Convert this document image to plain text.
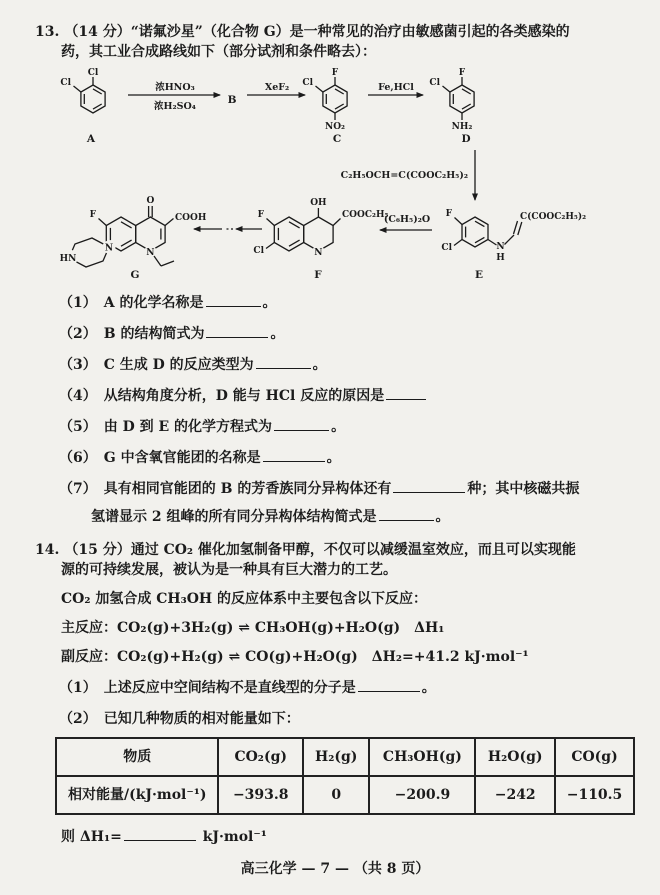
13. （14 分）“诺氟沙星”（化合物 G）是一种常见的治疗由敏感菌引起的各类感染的
药，其工业合成路线如下（部分试剂和条件略去）：
Cl
Cl
A
浓HNO₃
浓H₂SO₄
B
XeF₂
F
Cl
NO₂
C
Fe,HCl
F
Cl
NH₂
D
C₂H₅OCH=C(COOC₂H₅)₂
O
COOH
F
N
HN
N
G
OH
COOC₂H₅
F
Cl	N
F
(C₆H₅)₂O F
Cl	N
H
C(COOC₂H₅)₂
E
（1） A 的化学名称是	。
（2） B 的结构简式为	。
（3） C 生成 D 的反应类型为	。
（4） 从结构角度分析，D 能与 HCl 反应的原因是
（5） 由 D 到 E 的化学方程式为	。
（6） G 中含氧官能团的名称是	。
（7） 具有相同官能团的 B 的芳香族同分异构体还有	种；其中核磁共振
氢谱显示 2 组峰的所有同分异构体结构简式是	。
14. （15 分）通过 CO₂ 催化加氢制备甲醇，不仅可以减缓温室效应，而且可以实现能
源的可持续发展，被认为是一种具有巨大潜力的工艺。
CO₂ 加氢合成 CH₃OH 的反应体系中主要包含以下反应：
主反应：CO₂(g)+3H₂(g) ⇌ CH₃OH(g)+H₂O(g)　ΔH₁
副反应：CO₂(g)+H₂(g) ⇌ CO(g)+H₂O(g)　ΔH₂=+41.2 kJ·mol⁻¹
（1） 上述反应中空间结构不是直线型的分子是	。
（2） 已知几种物质的相对能量如下：
物质	CO₂(g)	H₂(g)	CH₃OH(g)	H₂O(g)	CO(g)
相对能量/(kJ·mol⁻¹)	−393.8	0	−200.9	−242	−110.5
则 ΔH₁=	kJ·mol⁻¹
高三化学 — 7 — （共 8 页）
